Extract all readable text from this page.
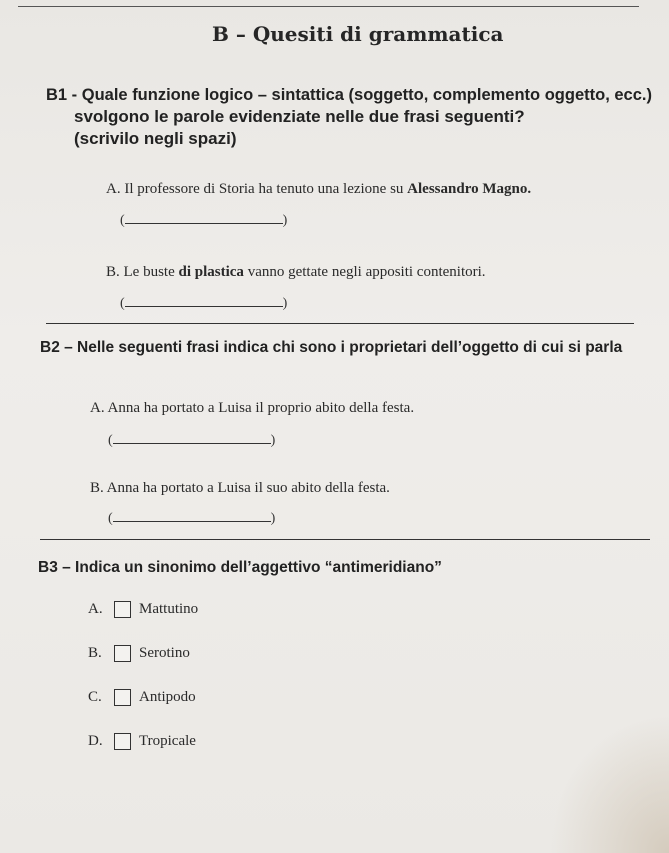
B – Quesiti di grammatica
B1 - Quale funzione logico – sintattica (soggetto, complemento oggetto, ecc.)
svolgono le parole evidenziate nelle due frasi seguenti?
(scrivilo negli spazi)
A. Il professore di Storia ha tenuto una lezione su Alessandro Magno.
(	)
B. Le buste di plastica vanno gettate negli appositi contenitori.
(	)
B2 – Nelle seguenti frasi indica chi sono i proprietari dell’oggetto di cui si parla
A. Anna ha portato a Luisa il proprio abito della festa.
(	)
B. Anna ha portato a Luisa il suo abito della festa.
(	)
B3 – Indica un sinonimo dell’aggettivo “antimeridiano”
A.	Mattutino
B.	Serotino
C.	Antipodo
D.	Tropicale
